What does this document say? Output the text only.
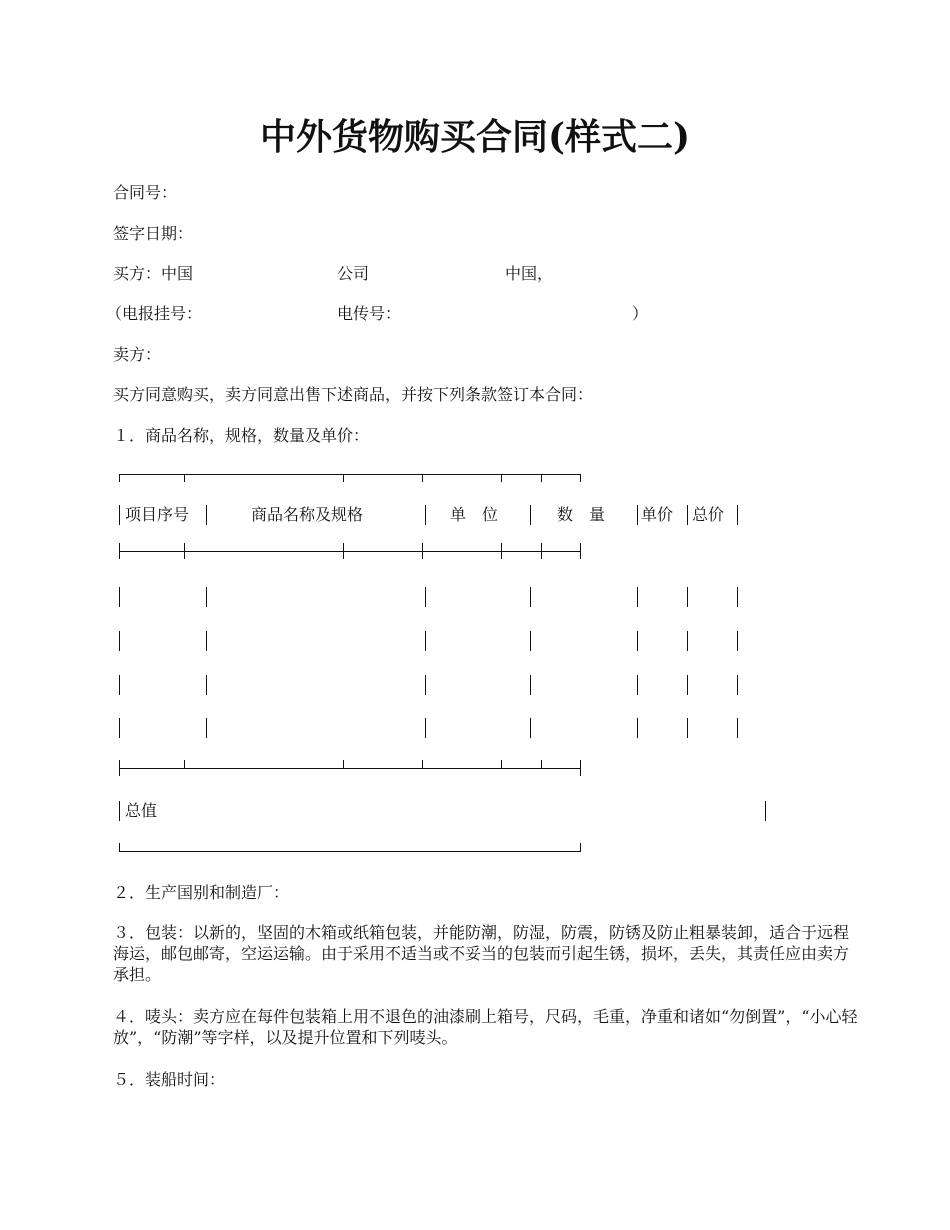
中外货物购买合同(样式二)
合同号：
签字日期：
买方：中国	公司	中国，
（电报挂号：	电传号：	）
卖方：
买方同意购买，卖方同意出售下述商品，并按下列条款签订本合同：
１．商品名称，规格，数量及单价：
项目序号	商品名称及规格	单　位	数　量 单价 总价
总值
２．生产国别和制造厂：
３．包装：以新的，坚固的木箱或纸箱包装，并能防潮，防湿，防震，防锈及防止粗暴装卸，适合于远程海运，邮包邮寄，空运运输。由于采用不适当或不妥当的包装而引起生锈，损坏，丢失，其责任应由卖方承担。
４．唛头：卖方应在每件包装箱上用不退色的油漆刷上箱号，尺码，毛重，净重和诸如“勿倒置”，“小心轻放”，“防潮”等字样，以及提升位置和下列唛头。
５．装船时间：
